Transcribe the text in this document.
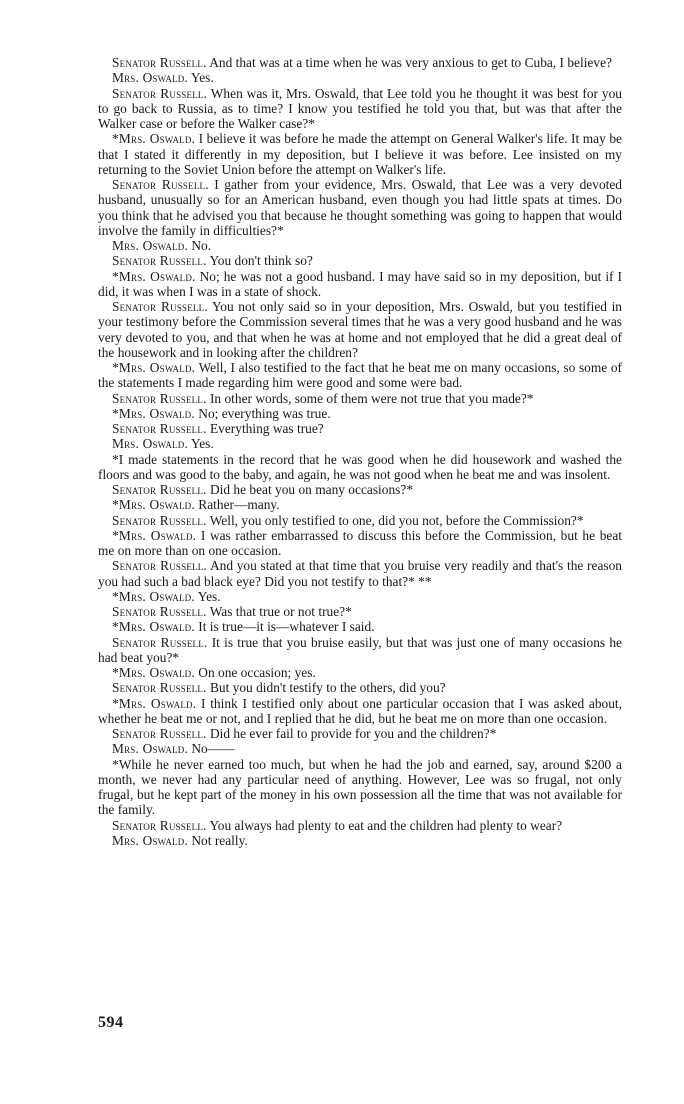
Senator Russell. And that was at a time when he was very anxious to get to Cuba, I believe?

Mrs. Oswald. Yes.

Senator Russell. When was it, Mrs. Oswald, that Lee told you he thought it was best for you to go back to Russia, as to time? I know you testified he told you that, but was that after the Walker case or before the Walker case?*

*Mrs. Oswald. I believe it was before he made the attempt on General Walker's life. It may be that I stated it differently in my deposition, but I believe it was before. Lee insisted on my returning to the Soviet Union before the attempt on Walker's life.

Senator Russell. I gather from your evidence, Mrs. Oswald, that Lee was a very devoted husband, unusually so for an American husband, even though you had little spats at times. Do you think that he advised you that because he thought something was going to happen that would involve the family in difficulties?*

Mrs. Oswald. No.

Senator Russell. You don't think so?

*Mrs. Oswald. No; he was not a good husband. I may have said so in my deposition, but if I did, it was when I was in a state of shock.

Senator Russell. You not only said so in your deposition, Mrs. Oswald, but you testified in your testimony before the Commission several times that he was a very good husband and he was very devoted to you, and that when he was at home and not employed that he did a great deal of the housework and in looking after the children?

*Mrs. Oswald. Well, I also testified to the fact that he beat me on many occasions, so some of the statements I made regarding him were good and some were bad.

Senator Russell. In other words, some of them were not true that you made?*

*Mrs. Oswald. No; everything was true.

Senator Russell. Everything was true?

Mrs. Oswald. Yes.

*I made statements in the record that he was good when he did housework and washed the floors and was good to the baby, and again, he was not good when he beat me and was insolent.

Senator Russell. Did he beat you on many occasions?*

*Mrs. Oswald. Rather—many.

Senator Russell. Well, you only testified to one, did you not, before the Commission?*

*Mrs. Oswald. I was rather embarrassed to discuss this before the Commission, but he beat me on more than on one occasion.

Senator Russell. And you stated at that time that you bruise very readily and that's the reason you had such a bad black eye? Did you not testify to that?* **

*Mrs. Oswald. Yes.

Senator Russell. Was that true or not true?*

*Mrs. Oswald. It is true—it is—whatever I said.

Senator Russell. It is true that you bruise easily, but that was just one of many occasions he had beat you?*

*Mrs. Oswald. On one occasion; yes.

Senator Russell. But you didn't testify to the others, did you?

*Mrs. Oswald. I think I testified only about one particular occasion that I was asked about, whether he beat me or not, and I replied that he did, but he beat me on more than one occasion.

Senator Russell. Did he ever fail to provide for you and the children?*

Mrs. Oswald. No——

*While he never earned too much, but when he had the job and earned, say, around $200 a month, we never had any particular need of anything. However, Lee was so frugal, not only frugal, but he kept part of the money in his own possession all the time that was not available for the family.

Senator Russell. You always had plenty to eat and the children had plenty to wear?

Mrs. Oswald. Not really.

594
